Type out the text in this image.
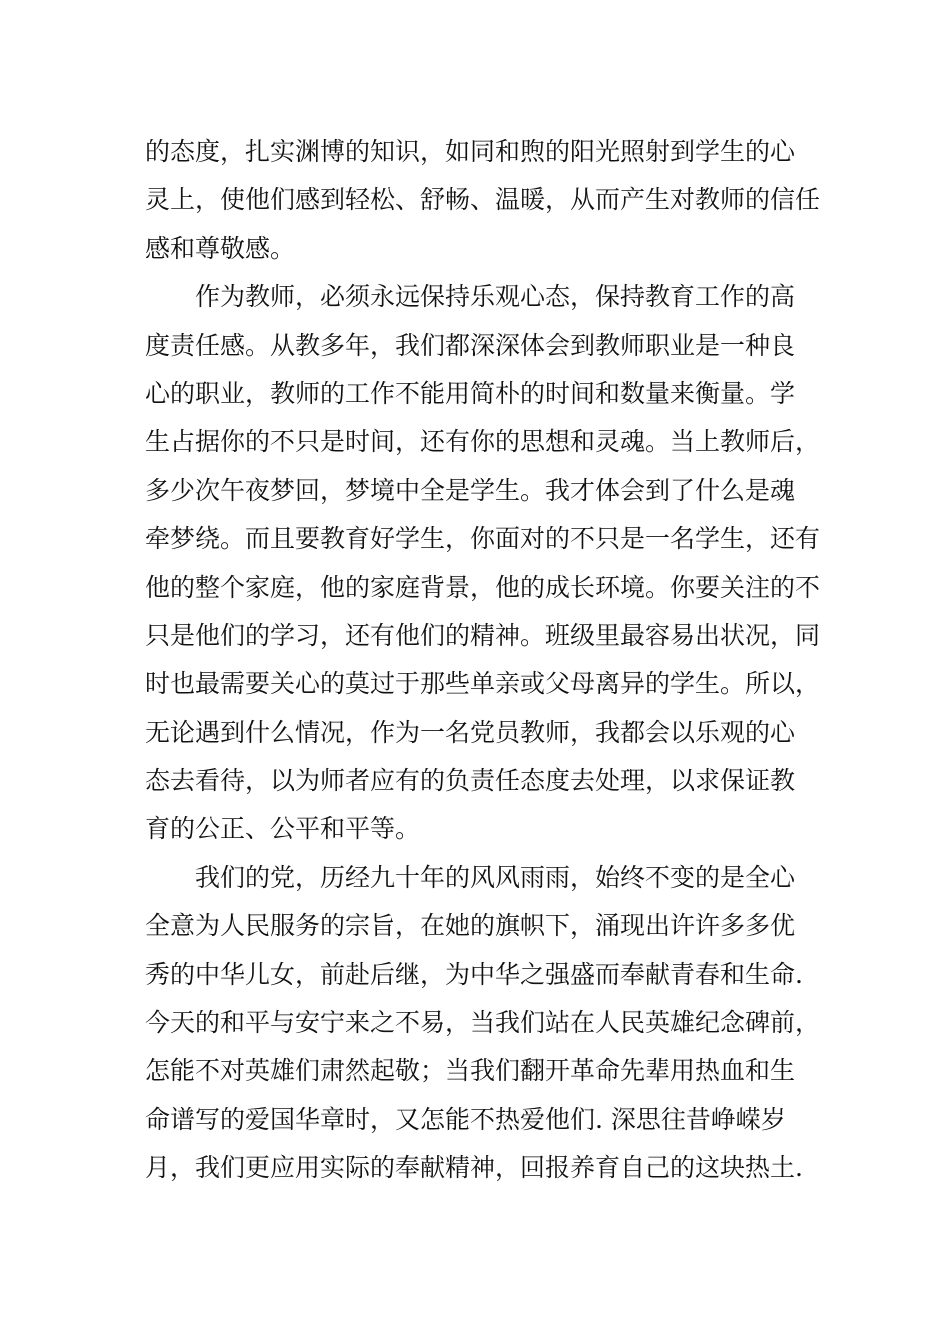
的态度，扎实渊博的知识，如同和煦的阳光照射到学生的心
灵上，使他们感到轻松、舒畅、温暖，从而产生对教师的信任
感和尊敬感。
　　作为教师，必须永远保持乐观心态，保持教育工作的高
度责任感。从教多年，我们都深深体会到教师职业是一种良
心的职业，教师的工作不能用简朴的时间和数量来衡量。学
生占据你的不只是时间，还有你的思想和灵魂。当上教师后，
多少次午夜梦回，梦境中全是学生。我才体会到了什么是魂
牵梦绕。而且要教育好学生，你面对的不只是一名学生，还有
他的整个家庭，他的家庭背景，他的成长环境。你要关注的不
只是他们的学习，还有他们的精神。班级里最容易出状况，同
时也最需要关心的莫过于那些单亲或父母离异的学生。所以，
无论遇到什么情况，作为一名党员教师，我都会以乐观的心
态去看待，以为师者应有的负责任态度去处理，以求保证教
育的公正、公平和平等。
　　我们的党，历经九十年的风风雨雨，始终不变的是全心
全意为人民服务的宗旨，在她的旗帜下，涌现出许许多多优
秀的中华儿女，前赴后继，为中华之强盛而奉献青春和生命.
今天的和平与安宁来之不易，当我们站在人民英雄纪念碑前，
怎能不对英雄们肃然起敬；当我们翻开革命先辈用热血和生
命谱写的爱国华章时，又怎能不热爱他们. 深思往昔峥嵘岁
月，我们更应用实际的奉献精神，回报养育自己的这块热土.
